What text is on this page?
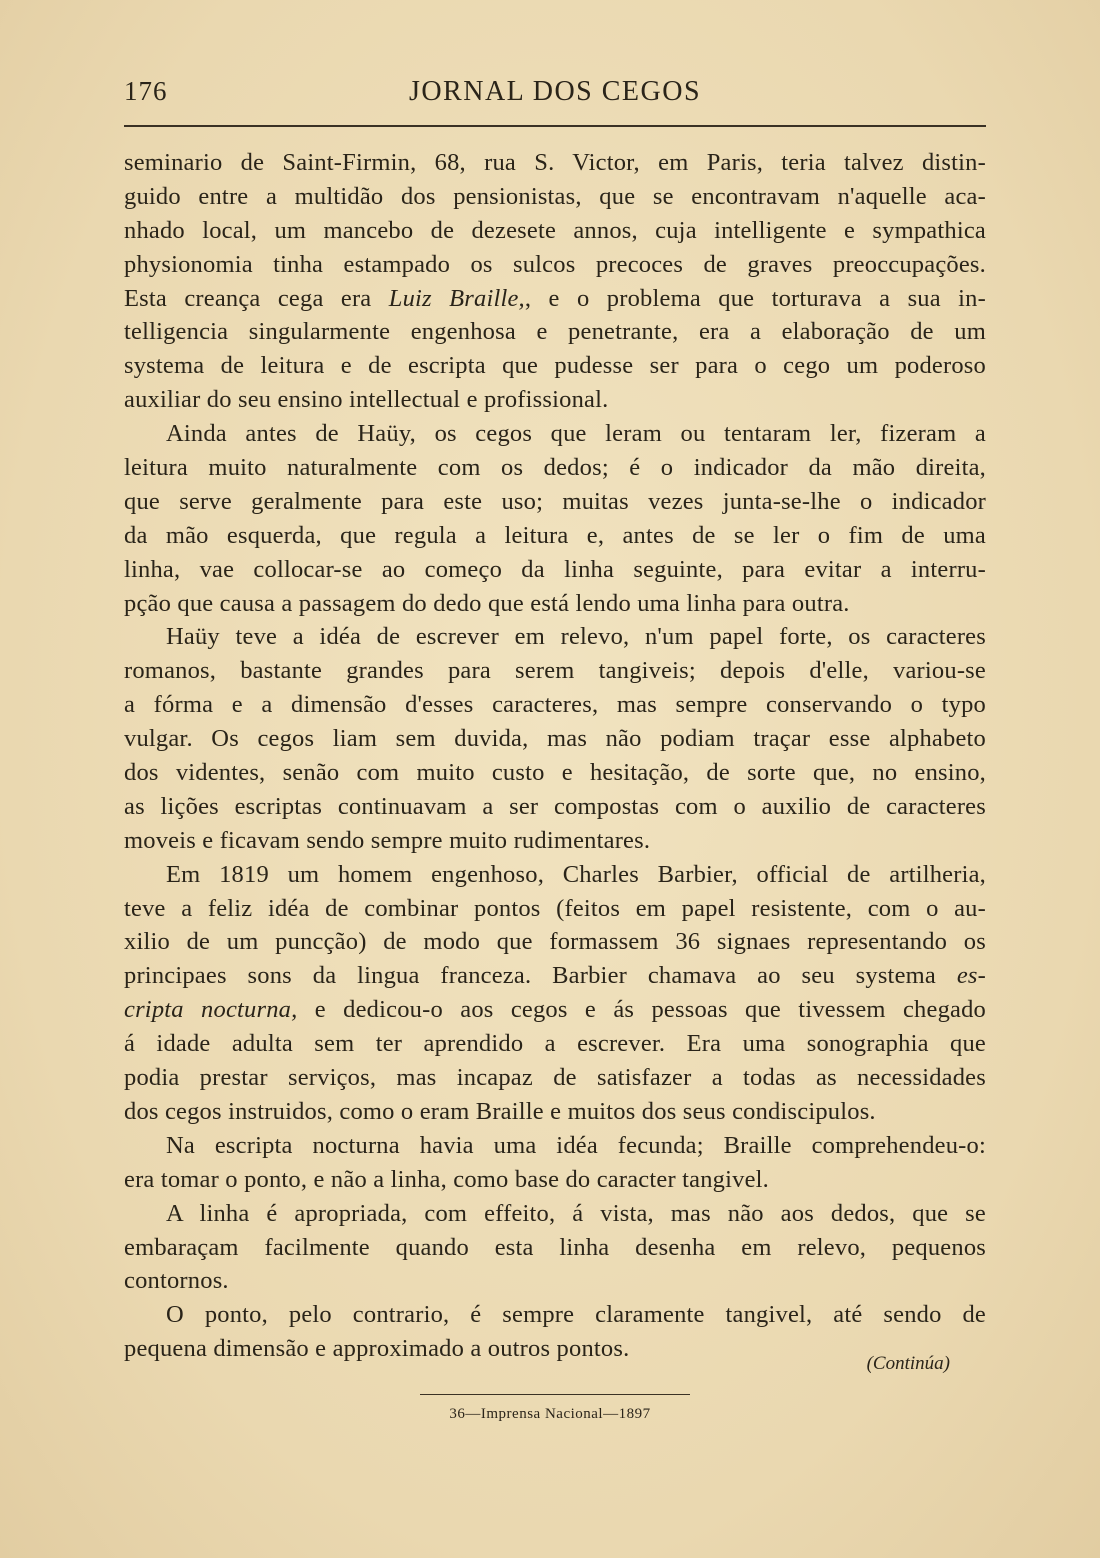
176	JORNAL DOS CEGOS

seminario de Saint-Firmin, 68, rua S. Victor, em Paris, teria talvez distin-
guido entre a multidão dos pensionistas, que se encontravam n'aquelle aca-
nhado local, um mancebo de dezesete annos, cuja intelligente e sympathica
physionomia tinha estampado os sulcos precoces de graves preoccupações.
Esta creança cega era Luiz Braille,, e o problema que torturava a sua in-
telligencia singularmente engenhosa e penetrante, era a elaboração de um
systema de leitura e de escripta que pudesse ser para o cego um poderoso
auxiliar do seu ensino intellectual e profissional.

Ainda antes de Haüy, os cegos que leram ou tentaram ler, fizeram a
leitura muito naturalmente com os dedos; é o indicador da mão direita,
que serve geralmente para este uso; muitas vezes junta-se-lhe o indicador
da mão esquerda, que regula a leitura e, antes de se ler o fim de uma
linha, vae collocar-se ao começo da linha seguinte, para evitar a interru-
pção que causa a passagem do dedo que está lendo uma linha para outra.

Haüy teve a idéa de escrever em relevo, n'um papel forte, os caracteres
romanos, bastante grandes para serem tangiveis; depois d'elle, variou-se
a fórma e a dimensão d'esses caracteres, mas sempre conservando o typo
vulgar. Os cegos liam sem duvida, mas não podiam traçar esse alphabeto
dos videntes, senão com muito custo e hesitação, de sorte que, no ensino,
as lições escriptas continuavam a ser compostas com o auxilio de caracteres
moveis e ficavam sendo sempre muito rudimentares.

Em 1819 um homem engenhoso, Charles Barbier, official de artilheria,
teve a feliz idéa de combinar pontos (feitos em papel resistente, com o au-
xilio de um puncção) de modo que formassem 36 signaes representando os
principaes sons da lingua franceza. Barbier chamava ao seu systema es-
cripta nocturna, e dedicou-o aos cegos e ás pessoas que tivessem chegado
á idade adulta sem ter aprendido a escrever. Era uma sonographia que
podia prestar serviços, mas incapaz de satisfazer a todas as necessidades
dos cegos instruidos, como o eram Braille e muitos dos seus condiscipulos.

Na escripta nocturna havia uma idéa fecunda; Braille comprehendeu-o:
era tomar o ponto, e não a linha, como base do caracter tangivel.

A linha é apropriada, com effeito, á vista, mas não aos dedos, que se
embaraçam facilmente quando esta linha desenha em relevo, pequenos
contornos.

O ponto, pelo contrario, é sempre claramente tangivel, até sendo de
pequena dimensão e approximado a outros pontos.

(Continúa)
36—Imprensa Nacional—1897
